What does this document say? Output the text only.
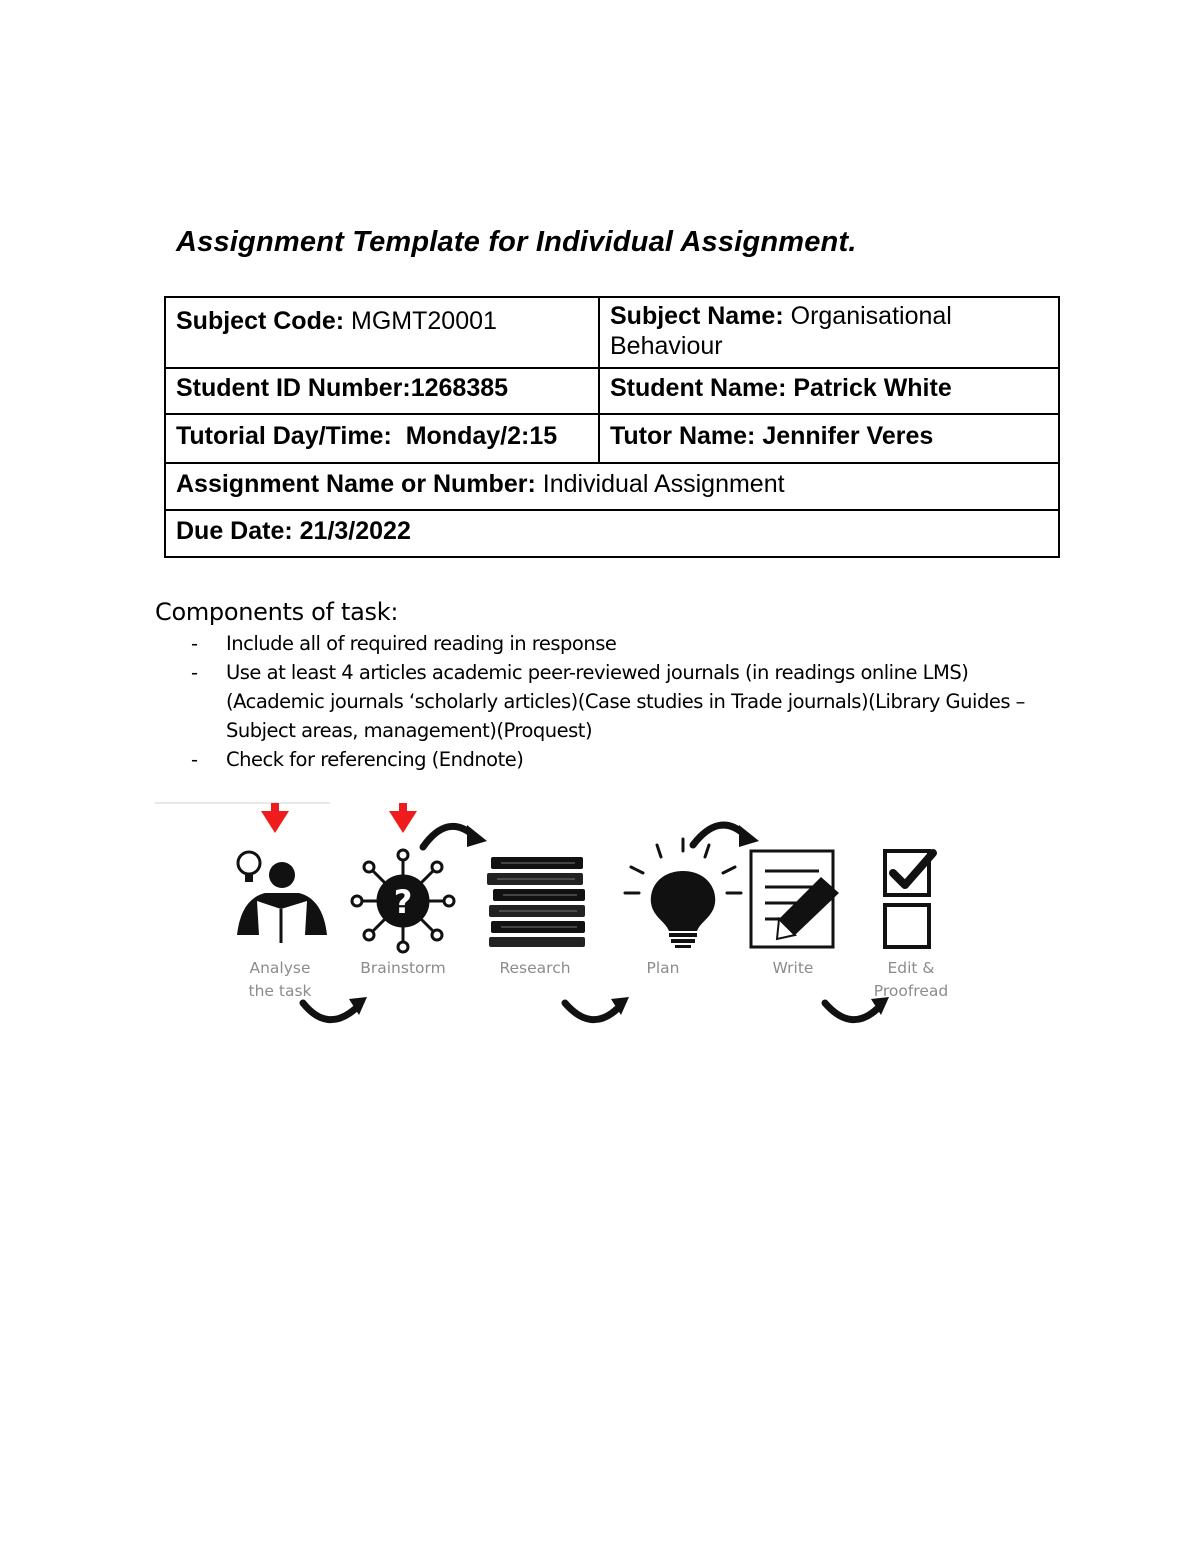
Assignment Template for Individual Assignment.
Subject Code: MGMT20001	Subject Name: Organisational Behaviour
Student ID Number:1268385	Student Name: Patrick White
Tutorial Day/Time: Monday/2:15	Tutor Name: Jennifer Veres
Assignment Name or Number: Individual Assignment	
Due Date: 21/3/2022	
Components of task:
- Include all of required reading in response
- Use at least 4 articles academic peer-reviewed journals (in readings online LMS) (Academic journals ‘scholarly articles)(Case studies in Trade journals)(Library Guides – Subject areas, management)(Proquest)
- Check for referencing (Endnote)
?
Analyse
the task
Brainstorm	Research	Plan	Write	Edit &
Proofread
